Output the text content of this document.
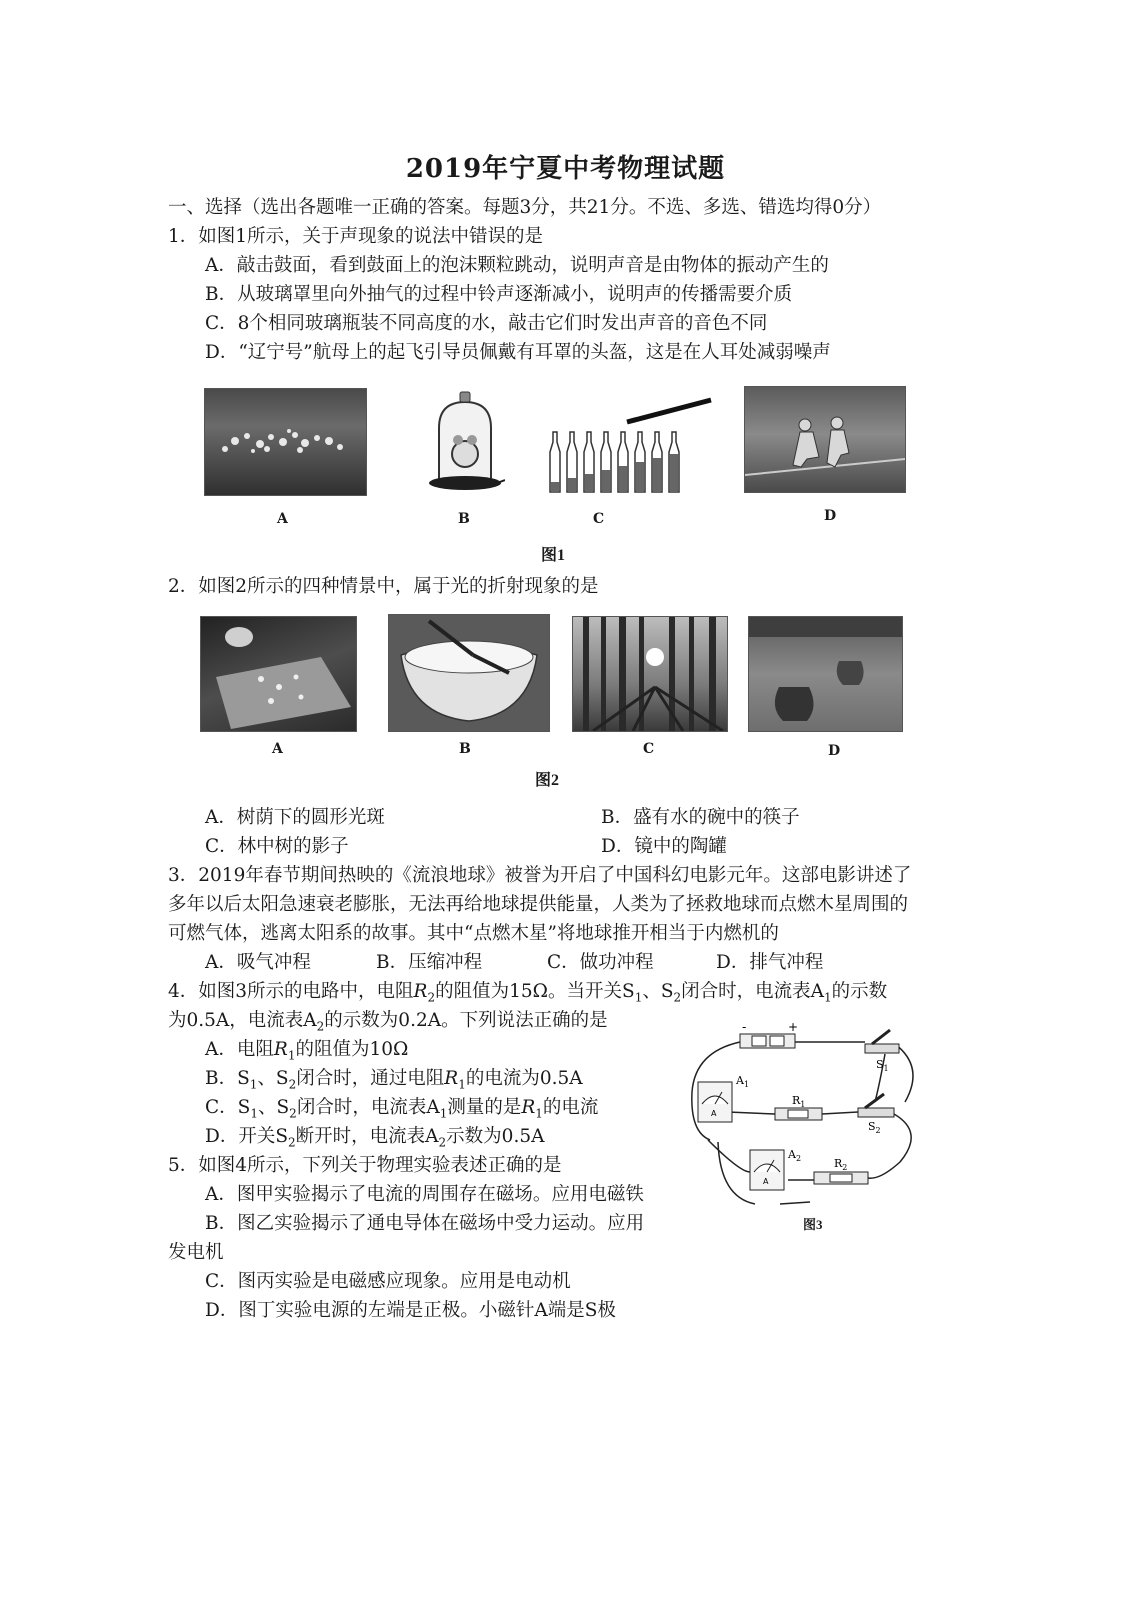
2019年宁夏中考物理试题
一、选择（选出各题唯一正确的答案。每题3分，共21分。不选、多选、错选均得0分）
1．如图1所示，关于声现象的说法中错误的是
A．敲击鼓面，看到鼓面上的泡沫颗粒跳动，说明声音是由物体的振动产生的
B．从玻璃罩里向外抽气的过程中铃声逐渐减小，说明声的传播需要介质
C．8个相同玻璃瓶装不同高度的水，敲击它们时发出声音的音色不同
D．“辽宁号”航母上的起飞引导员佩戴有耳罩的头盔，这是在人耳处减弱噪声
A	B	C	D
图1
2．如图2所示的四种情景中，属于光的折射现象的是
A	B	C	D
图2
A．树荫下的圆形光斑	B．盛有水的碗中的筷子
C．林中树的影子	D．镜中的陶罐
3．2019年春节期间热映的《流浪地球》被誉为开启了中国科幻电影元年。这部电影讲述了
多年以后太阳急速衰老膨胀，无法再给地球提供能量，人类为了拯救地球而点燃木星周围的
可燃气体，逃离太阳系的故事。其中“点燃木星”将地球推开相当于内燃机的
A．吸气冲程	B．压缩冲程	C．做功冲程	D．排气冲程
4．如图3所示的电路中，电阻$R_2$的阻值为15Ω。当开关$S_1$、$S_2$闭合时，电流表$A_1$的示数
为0.5A，电流表$A_2$的示数为0.2A。下列说法正确的是
A．电阻$R_1$的阻值为10Ω
B．$S_1$、$S_2$闭合时，通过电阻$R_1$的电流为0.5A
C．$S_1$、$S_2$闭合时，电流表$A_1$测量的是$R_1$的电流
D．开关$S_2$断开时，电流表$A_2$示数为0.5A
-	+
$S_1$
A
$A_1$
$R_1$
$S_2$
A
$A_2$	$R_2$
图3
5．如图4所示，下列关于物理实验表述正确的是
A．图甲实验揭示了电流的周围存在磁场。应用电磁铁
B．图乙实验揭示了通电导体在磁场中受力运动。应用
发电机
C．图丙实验是电磁感应现象。应用是电动机
D．图丁实验电源的左端是正极。小磁针A端是S极
